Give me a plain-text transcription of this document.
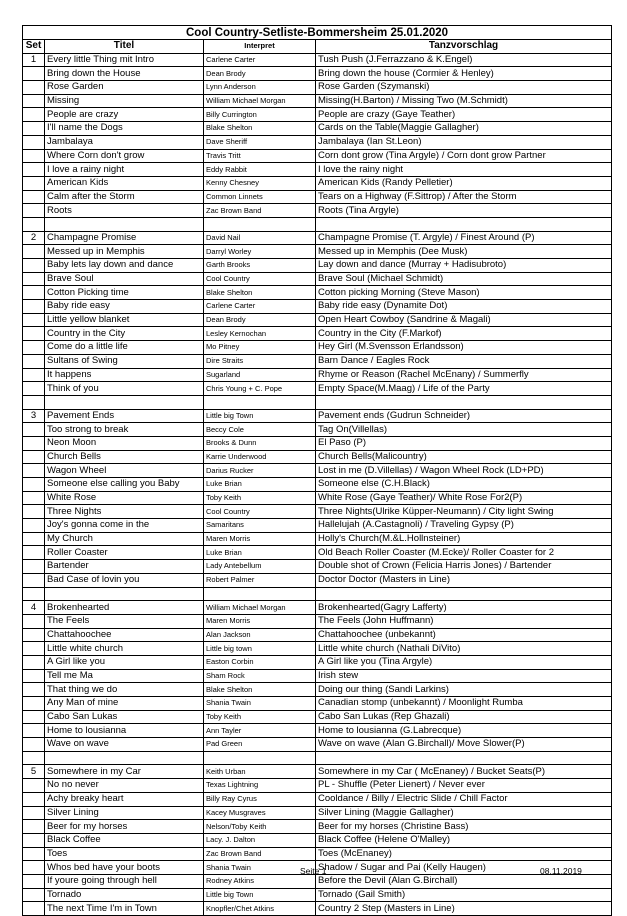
Cool Country-Setliste-Bommersheim 25.01.2020			
Set	Titel	Interpret	Tanzvorschlag
1	Every little Thing mit Intro	Carlene Carter	Tush Push (J.Ferrazzano & K.Engel)
	Bring down the House	Dean Brody	Bring down the house (Cormier & Henley)
	Rose Garden	Lynn Anderson	Rose Garden (Szymanski)
	Missing	William Michael Morgan	Missing(H.Barton) / Missing Two (M.Schmidt)
	People are crazy	Billy Currington	People are crazy (Gaye Teather)
	I'll name the Dogs	Blake Shelton	Cards on the Table(Maggie Gallagher)
	Jambalaya	Dave Sheriff	Jambalaya (Ian St.Leon)
	Where Corn don't grow	Travis Tritt	Corn dont grow (Tina Argyle) / Corn dont grow Partner
	I love a rainy night	Eddy Rabbit	I love the rainy night
	American Kids	Kenny Chesney	American Kids (Randy Pelletier)
	Calm after the Storm	Common Linnets	Tears on a Highway (F.Sittrop) / After the Storm
	Roots	Zac Brown Band	Roots (Tina Argyle)

2	Champagne Promise	David Nail	Champagne Promise (T. Argyle) / Finest Around (P)
	Messed up in Memphis	Darryl Worley	Messed up in Memphis (Dee Musk)
	Baby lets lay down and dance	Garth Brooks	Lay down and dance (Murray + Hadisubroto)
	Brave Soul	Cool Country	Brave Soul (Michael Schmidt)
	Cotton Picking time	Blake Shelton	Cotton picking Morning (Steve Mason)
	Baby ride easy	Carlene Carter	Baby ride easy (Dynamite Dot)
	Little yellow blanket	Dean Brody	Open Heart Cowboy (Sandrine & Magali)
	Country in the City	Lesley Kernochan	Country in the City (F.Markof)
	Come do a little life	Mo Pitney	Hey Girl (M.Svensson Erlandsson)
	Sultans of Swing	Dire Straits	Barn Dance / Eagles Rock
	It happens	Sugarland	Rhyme or Reason (Rachel McEnany) / Summerfly
	Think of you	Chris Young + C. Pope	Empty Space(M.Maag) / Life of the Party

3	Pavement Ends	Little big Town	Pavement ends (Gudrun Schneider)
	Too strong to break	Beccy Cole	Tag On(Villellas)
	Neon Moon	Brooks & Dunn	El Paso (P)
	Church Bells	Karrie Underwood	Church Bells(Malicountry)
	Wagon Wheel	Darius Rucker	Lost in me (D.Villellas) / Wagon Wheel Rock (LD+PD)
	Someone else calling you Baby	Luke Brian	Someone else (C.H.Black)
	White Rose	Toby Keith	White Rose (Gaye Teather)/ White Rose For2(P)
	Three Nights	Cool Country	Three Nights(Ulrike Küpper-Neumann) / City light Swing
	Joy's gonna come in the	Samaritans	Hallelujah (A.Castagnoli) / Traveling Gypsy (P)
	My Church	Maren Morris	Holly's Church(M.&L.Hollnsteiner)
	Roller Coaster	Luke Brian	Old Beach Roller Coaster (M.Ecke)/ Roller Coaster for 2
	Bartender	Lady Antebellum	Double shot of Crown (Felicia Harris Jones) / Bartender
	Bad Case of lovin you	Robert Palmer	Doctor Doctor (Masters in Line)

4	Brokenhearted	William Michael Morgan	Brokenhearted(Gagry Lafferty)
	The Feels	Maren Morris	The Feels (John Huffmann)
	Chattahoochee	Alan Jackson	Chattahoochee (unbekannt)
	Little white church	Little big town	Little white church (Nathali DiVito)
	A Girl like you	Easton Corbin	A Girl like you (Tina Argyle)
	Tell me Ma	Sham Rock	Irish stew
	That thing we do	Blake Shelton	Doing our thing (Sandi Larkins)
	Any Man of mine	Shania Twain	Canadian stomp (unbekannt) / Moonlight Rumba
	Cabo San Lukas	Toby Keith	Cabo San Lukas (Rep Ghazali)
	Home to lousianna	Ann Tayler	Home to lousianna (G.Labrecque)
	Wave on wave	Pad Green	Wave on wave (Alan G.Birchall)/ Move Slower(P)

5	Somewhere in my Car	Keith Urban	Somewhere in my Car ( McEnaney) / Bucket Seats(P)
	No no never	Texas Lightning	PL - Shuffle (Peter Lienert) / Never ever
	Achy breaky heart	Billy Ray Cyrus	Cooldance / Billy / Electric Slide / Chill Factor
	Silver Lining	Kacey Musgraves	Silver Lining (Maggie Gallagher)
	Beer for my horses	Nelson/Toby Keith	Beer for my horses (Christine Bass)
	Black Coffee	Lacy. J. Dalton	Black Coffee (Helene O'Malley)
	Toes	Zac Brown Band	Toes (McEnaney)
	Whos bed have your boots	Shania Twain	Shadow / Sugar and Pai (Kelly Haugen)
	If youre going through hell	Rodney Atkins	Before the Devil (Alan G.Birchall)
	Tornado	Little big Town	Tornado (Gail Smith)
	The next Time I'm in Town	Knopfler/Chet Atkins	Country 2 Step (Masters in Line)
Seite 1	08.11.2019
